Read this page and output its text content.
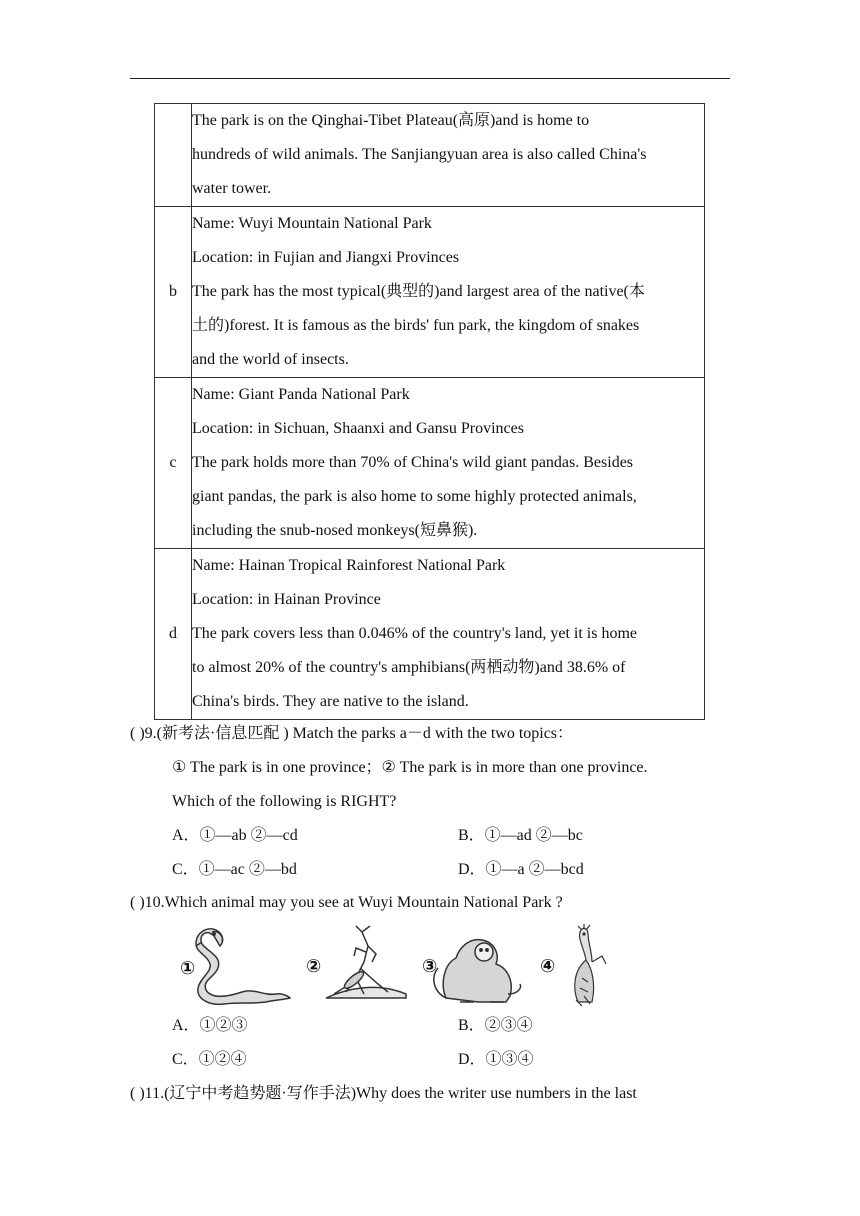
	The park is on the Qinghai-Tibet Plateau(高原)and is home to
hundreds of wild animals. The Sanjiangyuan area is also called China's
water tower.

b	Name: Wuyi Mountain National Park
Location: in Fujian and Jiangxi Provinces
The park has the most typical(典型的)and largest area of the native(本
土的)forest. It is famous as the birds' fun park, the kingdom of snakes
and the world of insects.

c	Name: Giant Panda National Park
Location: in Sichuan, Shaanxi and Gansu Provinces
The park holds more than 70% of China's wild giant pandas. Besides
giant pandas, the park is also home to some highly protected animals,
including the snub-nosed monkeys(短鼻猴).

d	Name: Hainan Tropical Rainforest National Park
Location: in Hainan Province
The park covers less than 0.046% of the country's land, yet it is home
to almost 20% of the country's amphibians(两栖动物)and 38.6% of
China's birds. They are native to the island.
( )9.(新考法·信息匹配 ) Match the parks a－d with the two topics：
① The park is in one province；② The park is in more than one province.
Which of the following is RIGHT?
A．①—ab ②—cd	B．①—ad ②—bc
C．①—ac ②—bd	D．①—a ②—bcd
( )10.Which animal may you see at Wuyi Mountain National Park ?
①	②	③	④
A．①②③	B．②③④
C．①②④	D．①③④
( )11.(辽宁中考趋势题·写作手法)Why does the writer use numbers in the last
